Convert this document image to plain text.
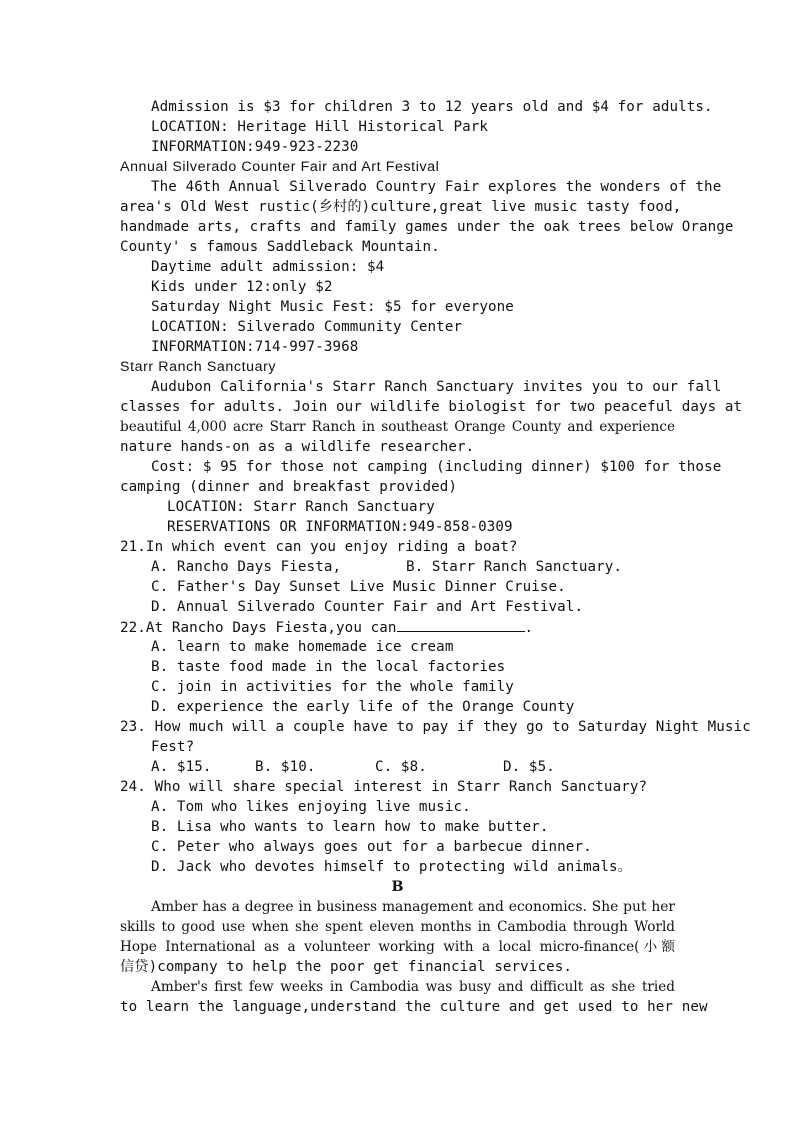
Admission is $3 for children 3 to 12 years old and $4 for adults.
LOCATION: Heritage Hill Historical Park
INFORMATION:949-923-2230
Annual Silverado Counter Fair and Art Festival
The 46th Annual Silverado Country Fair explores the wonders of the
area's Old West rustic(乡村的)culture,great live music tasty food,
handmade arts, crafts and family games under the oak trees below Orange
County' s famous Saddleback Mountain.
Daytime adult admission: $4
Kids under 12:only $2
Saturday Night Music Fest: $5 for everyone
LOCATION: Silverado Community Center
INFORMATION:714-997-3968
Starr Ranch Sanctuary
Audubon California's Starr Ranch Sanctuary invites you to our fall
classes for adults. Join our wildlife biologist for two peaceful days at
beautiful 4,000 acre Starr Ranch in southeast Orange County and experience
nature hands-on as a wildlife researcher.
Cost: $ 95 for those not camping (including dinner) $100 for those
camping (dinner and breakfast provided)
LOCATION: Starr Ranch Sanctuary
RESERVATIONS OR INFORMATION:949-858-0309
21.In which event can you enjoy riding a boat?
A. Rancho Days Fiesta,	B. Starr Ranch Sanctuary.
C. Father's Day Sunset Live Music Dinner Cruise.
D. Annual Silverado Counter Fair and Art Festival.
22.At Rancho Days Fiesta,you can	.
A. learn to make homemade ice cream
B. taste food made in the local factories
C. join in activities for the whole family
D. experience the early life of the Orange County
23. How much will a couple have to pay if they go to Saturday Night Music
Fest?
A. $15.	B. $10.	C. $8.	D. $5.
24. Who will share special interest in Starr Ranch Sanctuary?
A. Tom who likes enjoying live music.
B. Lisa who wants to learn how to make butter.
C. Peter who always goes out for a barbecue dinner.
D. Jack who devotes himself to protecting wild animals。
B
Amber has a degree in business management and economics. She put her
skills to good use when she spent eleven months in Cambodia through World
Hope International as a volunteer working with a local micro-finance(小额
信贷)company to help the poor get financial services.
Amber's first few weeks in Cambodia was busy and difficult as she tried
to learn the language,understand the culture and get used to her new
